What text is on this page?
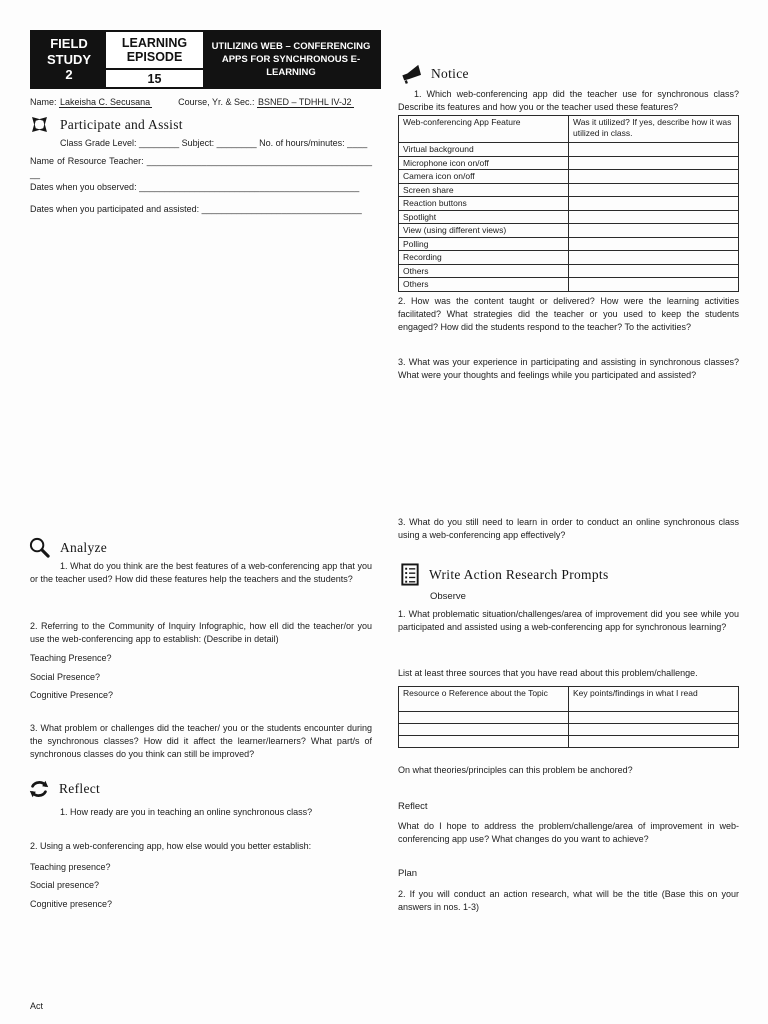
FIELD
STUDY
2
LEARNING
EPISODE
15
UTILIZING WEB – CONFERENCING APPS FOR SYNCHRONOUS E-LEARNING
Name: Lakeisha C. Secusana	Course, Yr. & Sec.: BSNED – TDHHL IV-J2
Participate and Assist

Class Grade Level: ________ Subject: ________ No. of hours/minutes: ____

Name of Resource Teacher: _______________________________________________

Dates when you observed: ____________________________________________

Dates when you participated and assisted: ________________________________

Notice

1. Which web-conferencing app did the teacher use for synchronous class? Describe its features and how you or the teacher used these features?

Web-conferencing App Feature	Was it utilized? If yes, describe how it was utilized in class.
Virtual background	
Microphone icon on/off	
Camera icon on/off	
Screen share	
Reaction buttons	
Spotlight	
View (using different views)	
Polling	
Recording	
Others	
Others	

2. How was the content taught or delivered? How were the learning activities facilitated? What strategies did the teacher or you used to keep the students engaged? How did the students respond to the teacher? To the activities?

3. What was your experience in participating and assisting in synchronous classes? What were your thoughts and feelings while you participated and assisted?

Analyze

1. What do you think are the best features of a web-conferencing app that you or the teacher used? How did these features help the teachers and the students?

2. Referring to the Community of Inquiry Infographic, how ell did the teacher/or you use the web-conferencing app to establish: (Describe in detail)

Teaching Presence?

Social Presence?

Cognitive Presence?

3. What problem or challenges did the teacher/ you or the students encounter during the synchronous classes? How did it affect the learner/learners? What part/s of synchronous classes do you think can still be improved?

Reflect

1. How ready are you in teaching an online synchronous class?

2. Using a web-conferencing app, how else would you better establish:

Teaching presence?

Social presence?

Cognitive presence?

3. What do you still need to learn in order to conduct an online synchronous class using a web-conferencing app effectively?

Write Action Research Prompts

Observe

1. What problematic situation/challenges/area of improvement did you see while you participated and assisted using a web-conferencing app for synchronous learning?

List at least three sources that you have read about this problem/challenge.

Resource o Reference about the Topic	Key points/findings in what I read

On what theories/principles can this problem be anchored?

Reflect

What do I hope to address the problem/challenge/area of improvement in web-conferencing app use? What changes do you want to achieve?

Plan

2. If you will conduct an action research, what will be the title (Base this on your answers in nos. 1-3)

Act
